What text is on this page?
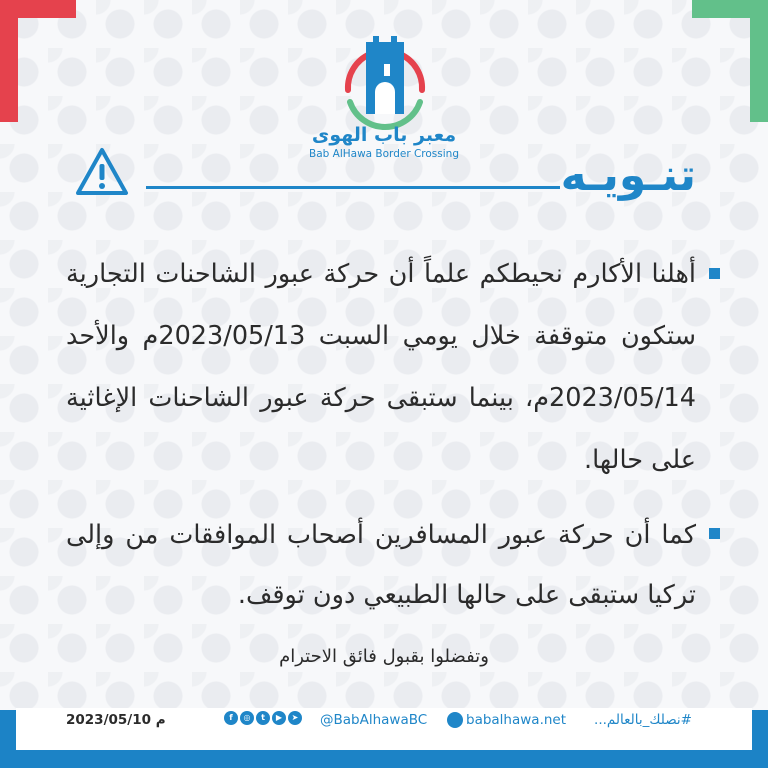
معبر باب الهوى
Bab AlHawa Border Crossing	تنـويـه
أهلنا الأكارم نحيطكم علماً أن حركة عبور الشاحنات التجارية ستكون متوقفة خلال يومي السبت 2023/05/13م والأحد 2023/05/14م، بينما ستبقى حركة عبور الشاحنات الإغاثية على حالها.
كما أن حركة عبور المسافرين أصحاب الموافقات من وإلى تركيا ستبقى على حالها الطبيعي دون توقف.
وتفضلوا بقبول فائق الاحترام
#نصلك_بالعالم...
babalhawa.net
@BabAlhawaBC
f	◎	t	▶	➤
2023/05/10 م
